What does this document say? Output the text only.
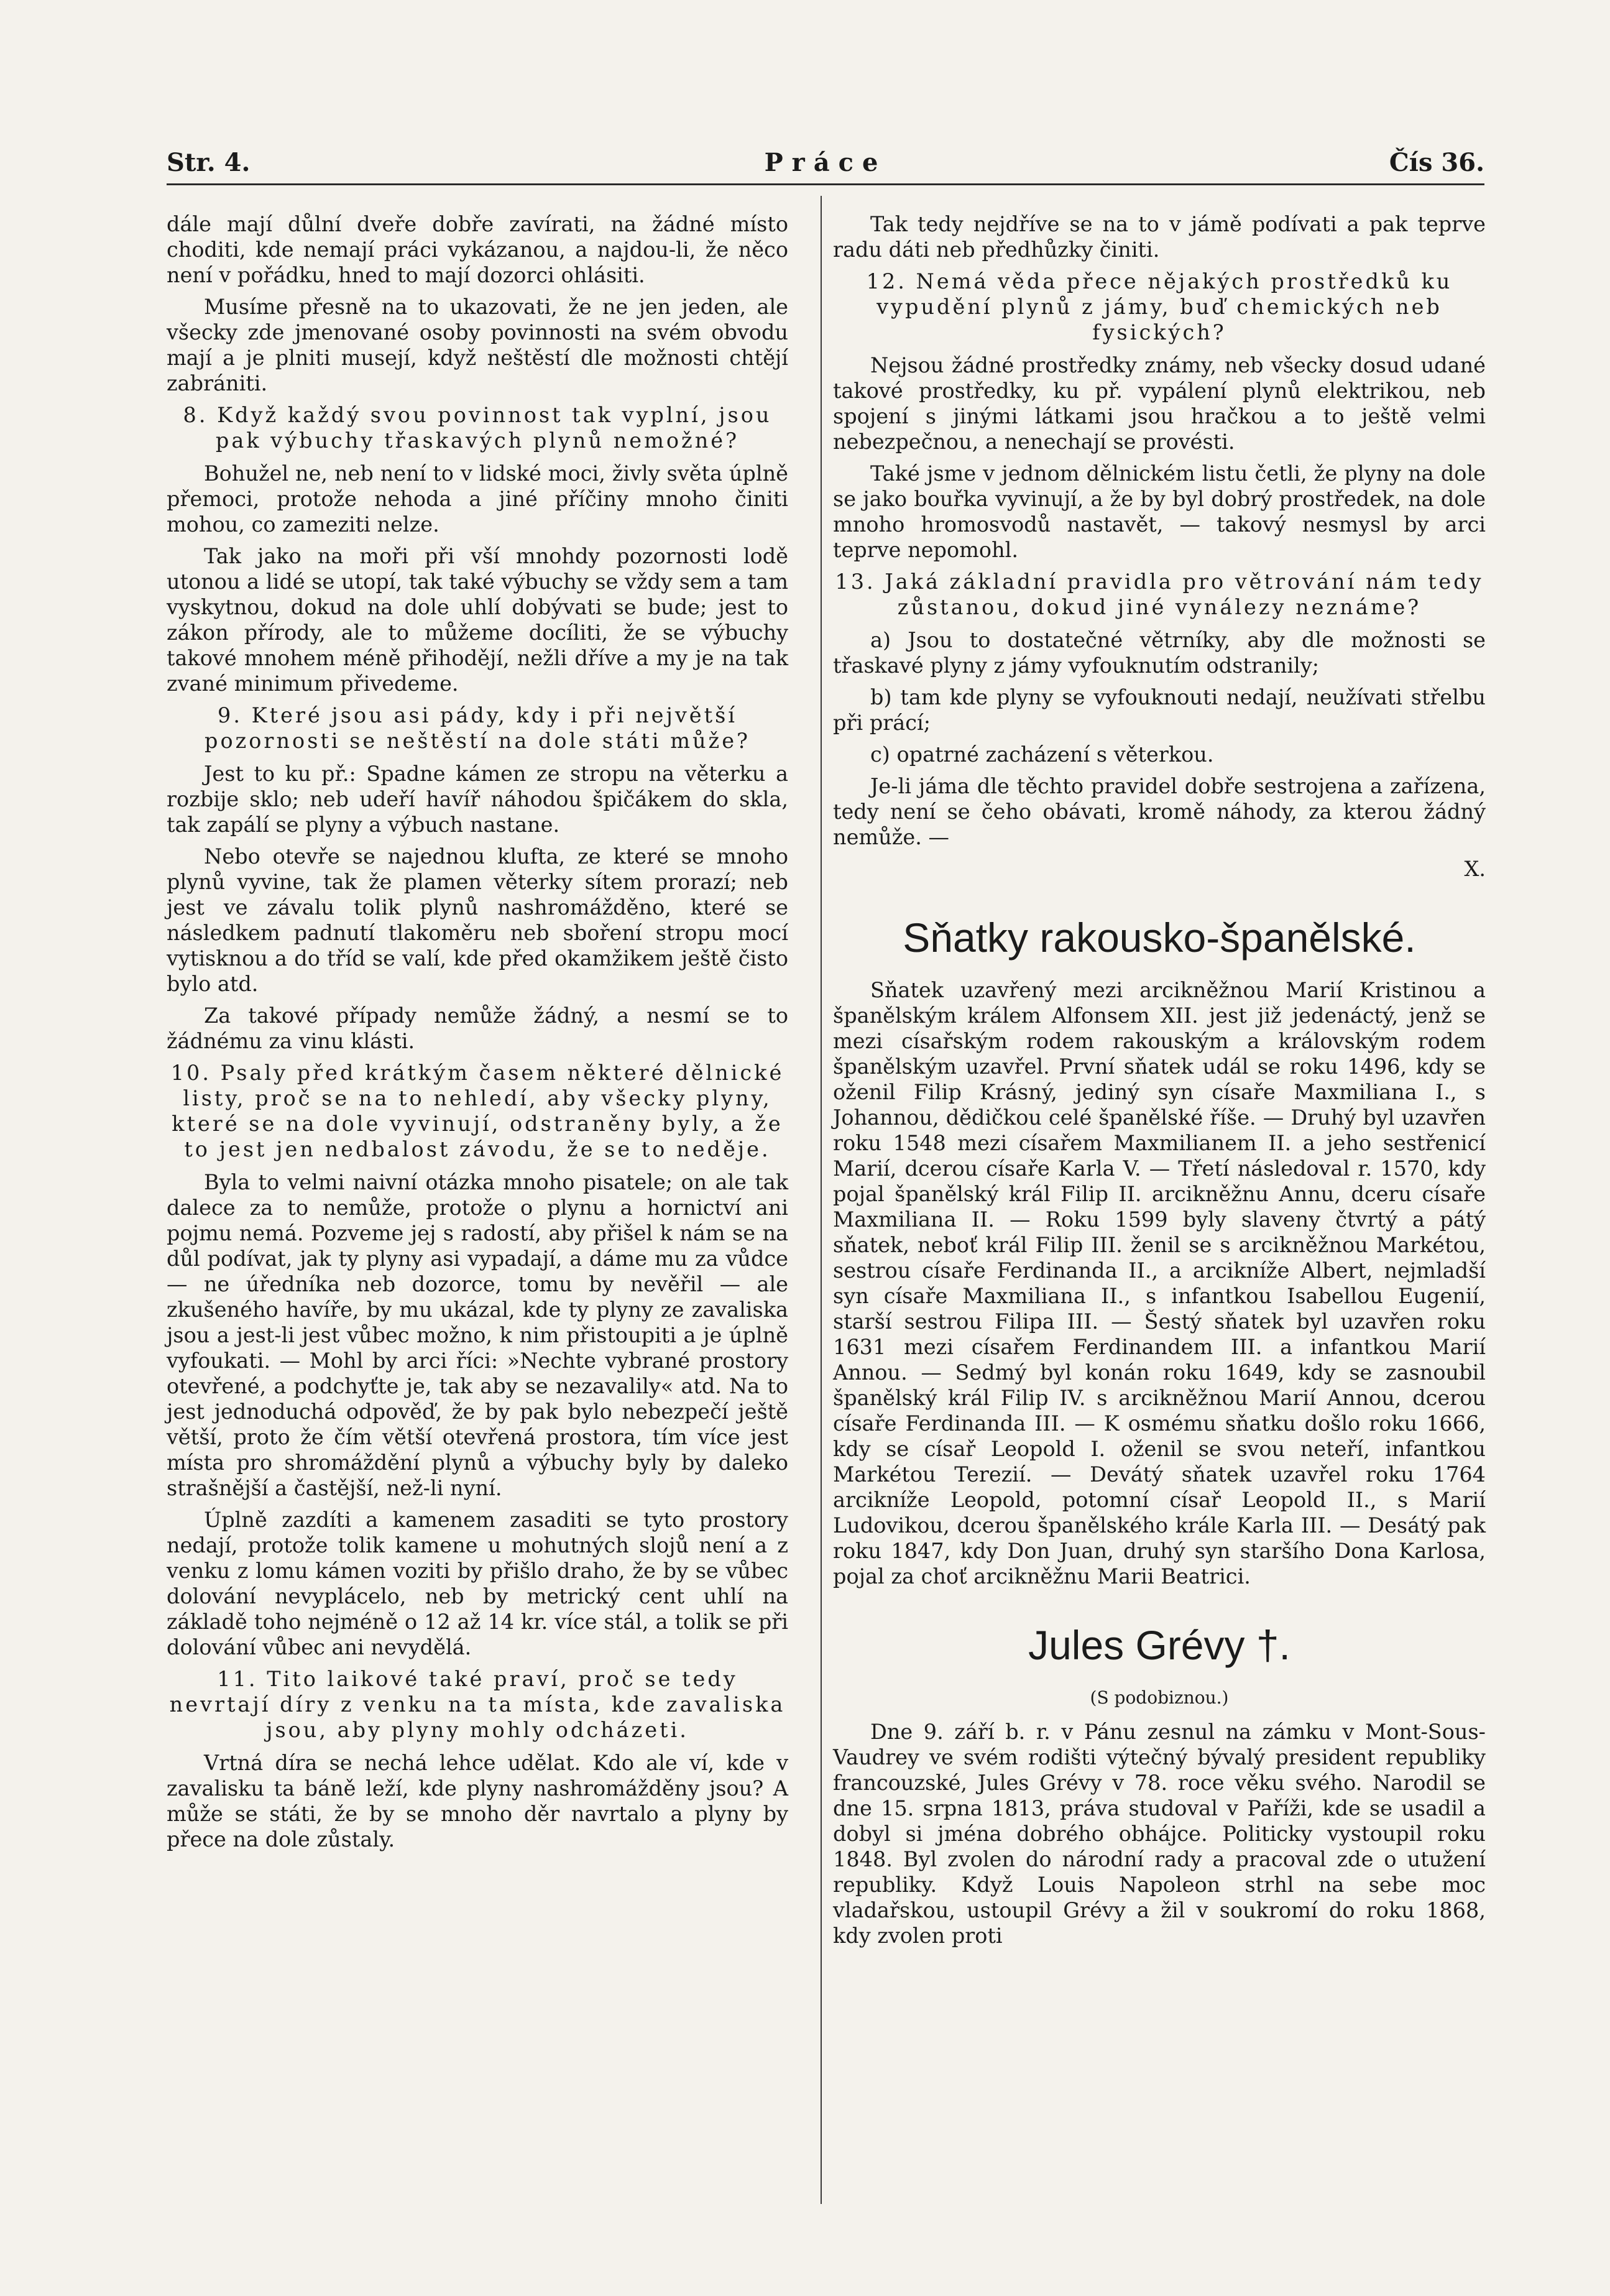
Str. 4.	Práce	Čís 36.

dále mají důlní dveře dobře zavírati, na žádné místo choditi, kde nemají práci vykázanou, a najdou-li, že něco není v pořádku, hned to mají dozorci ohlásiti.

Musíme přesně na to ukazovati, že ne jen jeden, ale všecky zde jmenované osoby povinnosti na svém obvodu mají a je plniti musejí, když neštěstí dle možnosti chtějí zabrániti.

8. Když každý svou povinnost tak vyplní, jsou pak výbuchy třaskavých plynů nemožné?

Bohužel ne, neb není to v lidské moci, živly světa úplně přemoci, protože nehoda a jiné příčiny mnoho činiti mohou, co zameziti nelze.

Tak jako na moři při vší mnohdy pozornosti lodě utonou a lidé se utopí, tak také výbuchy se vždy sem a tam vyskytnou, dokud na dole uhlí dobývati se bude; jest to zákon přírody, ale to můžeme docíliti, že se výbuchy takové mnohem méně přihodějí, nežli dříve a my je na tak zvané minimum přivedeme.

9. Které jsou asi pády, kdy i při největší pozornosti se neštěstí na dole státi může?

Jest to ku př.: Spadne kámen ze stropu na věterku a rozbije sklo; neb udeří havíř náhodou špičákem do skla, tak zapálí se plyny a výbuch nastane.

Nebo otevře se najednou klufta, ze které se mnoho plynů vyvine, tak že plamen věterky sítem prorazí; neb jest ve závalu tolik plynů nashromážděno, které se následkem padnutí tlakoměru neb sboření stropu mocí vytisknou a do tříd se valí, kde před okamžikem ještě čisto bylo atd.

Za takové případy nemůže žádný, a nesmí se to žádnému za vinu klásti.

10. Psaly před krátkým časem některé dělnické listy, proč se na to nehledí, aby všecky plyny, které se na dole vyvinují, odstraněny byly, a že to jest jen nedbalost závodu, že se to neděje.

Byla to velmi naivní otázka mnoho pisatele; on ale tak dalece za to nemůže, protože o plynu a hornictví ani pojmu nemá. Pozveme jej s radostí, aby přišel k nám se na důl podívat, jak ty plyny asi vypadají, a dáme mu za vůdce — ne úředníka neb dozorce, tomu by nevěřil — ale zkušeného havíře, by mu ukázal, kde ty plyny ze zavaliska jsou a jest-li jest vůbec možno, k nim přistoupiti a je úplně vyfoukati. — Mohl by arci říci: »Nechte vybrané prostory otevřené, a podchyťte je, tak aby se nezavalily« atd. Na to jest jednoduchá odpověď, že by pak bylo nebezpečí ještě větší, proto že čím větší otevřená prostora, tím více jest místa pro shromáždění plynů a výbuchy byly by daleko strašnější a častější, než-li nyní.

Úplně zazdíti a kamenem zasaditi se tyto prostory nedají, protože tolik kamene u mohutných slojů není a z venku z lomu kámen voziti by přišlo draho, že by se vůbec dolování nevyplácelo, neb by metrický cent uhlí na základě toho nejméně o 12 až 14 kr. více stál, a tolik se při dolování vůbec ani nevydělá.

11. Tito laikové také praví, proč se tedy nevrtají díry z venku na ta místa, kde zavaliska jsou, aby plyny mohly odcházeti.

Vrtná díra se nechá lehce udělat. Kdo ale ví, kde v zavalisku ta báně leží, kde plyny nashromážděny jsou? A může se státi, že by se mnoho děr navrtalo a plyny by přece na dole zůstaly.

Tak tedy nejdříve se na to v jámě podívati a pak teprve radu dáti neb předhůzky činiti.

12. Nemá věda přece nějakých prostředků ku vypudění plynů z jámy, buď chemických neb fysických?

Nejsou žádné prostředky známy, neb všecky dosud udané takové prostředky, ku př. vypálení plynů elektrikou, neb spojení s jinými látkami jsou hračkou a to ještě velmi nebezpečnou, a nenechají se provésti.

Také jsme v jednom dělnickém listu četli, že plyny na dole se jako bouřka vyvinují, a že by byl dobrý prostředek, na dole mnoho hromosvodů nastavět, — takový nesmysl by arci teprve nepomohl.

13. Jaká základní pravidla pro větrování nám tedy zůstanou, dokud jiné vynálezy neznáme?

a) Jsou to dostatečné větrníky, aby dle možnosti se třaskavé plyny z jámy vyfouknutím odstranily;

b) tam kde plyny se vyfouknouti nedají, neužívati střelbu při prácí;

c) opatrné zacházení s věterkou.

Je-li jáma dle těchto pravidel dobře sestrojena a zařízena, tedy není se čeho obávati, kromě náhody, za kterou žádný nemůže. —

X.
Sňatky rakousko-španělské.

Sňatek uzavřený mezi arcikněžnou Marií Kristinou a španělským králem Alfonsem XII. jest již jedenáctý, jenž se mezi císařským rodem rakouským a královským rodem španělským uzavřel. První sňatek udál se roku 1496, kdy se oženil Filip Krásný, jediný syn císaře Maxmiliana I., s Johannou, dědičkou celé španělské říše. — Druhý byl uzavřen roku 1548 mezi císařem Maxmilianem II. a jeho sestřenicí Marií, dcerou císaře Karla V. — Třetí následoval r. 1570, kdy pojal španělský král Filip II. arcikněžnu Annu, dceru císaře Maxmiliana II. — Roku 1599 byly slaveny čtvrtý a pátý sňatek, neboť král Filip III. ženil se s arcikněžnou Markétou, sestrou císaře Ferdinanda II., a arcikníže Albert, nejmladší syn císaře Maxmiliana II., s infantkou Isabellou Eugenií, starší sestrou Filipa III. — Šestý sňatek byl uzavřen roku 1631 mezi císařem Ferdinandem III. a infantkou Marií Annou. — Sedmý byl konán roku 1649, kdy se zasnoubil španělský král Filip IV. s arcikněžnou Marií Annou, dcerou císaře Ferdinanda III. — K osmému sňatku došlo roku 1666, kdy se císař Leopold I. oženil se svou neteří, infantkou Markétou Terezií. — Devátý sňatek uzavřel roku 1764 arcikníže Leopold, potomní císař Leopold II., s Marií Ludovikou, dcerou španělského krále Karla III. — Desátý pak roku 1847, kdy Don Juan, druhý syn staršího Dona Karlosa, pojal za choť arcikněžnu Marii Beatrici.

Jules Grévy †.
(S podobiznou.)

Dne 9. září b. r. v Pánu zesnul na zámku v Mont-Sous-Vaudrey ve svém rodišti výtečný bývalý president republiky francouzské, Jules Grévy v 78. roce věku svého. Narodil se dne 15. srpna 1813, práva studoval v Paříži, kde se usadil a dobyl si jména dobrého obhájce. Politicky vystoupil roku 1848. Byl zvolen do národní rady a pracoval zde o utužení republiky. Když Louis Napoleon strhl na sebe moc vladařskou, ustoupil Grévy a žil v soukromí do roku 1868, kdy zvolen proti
